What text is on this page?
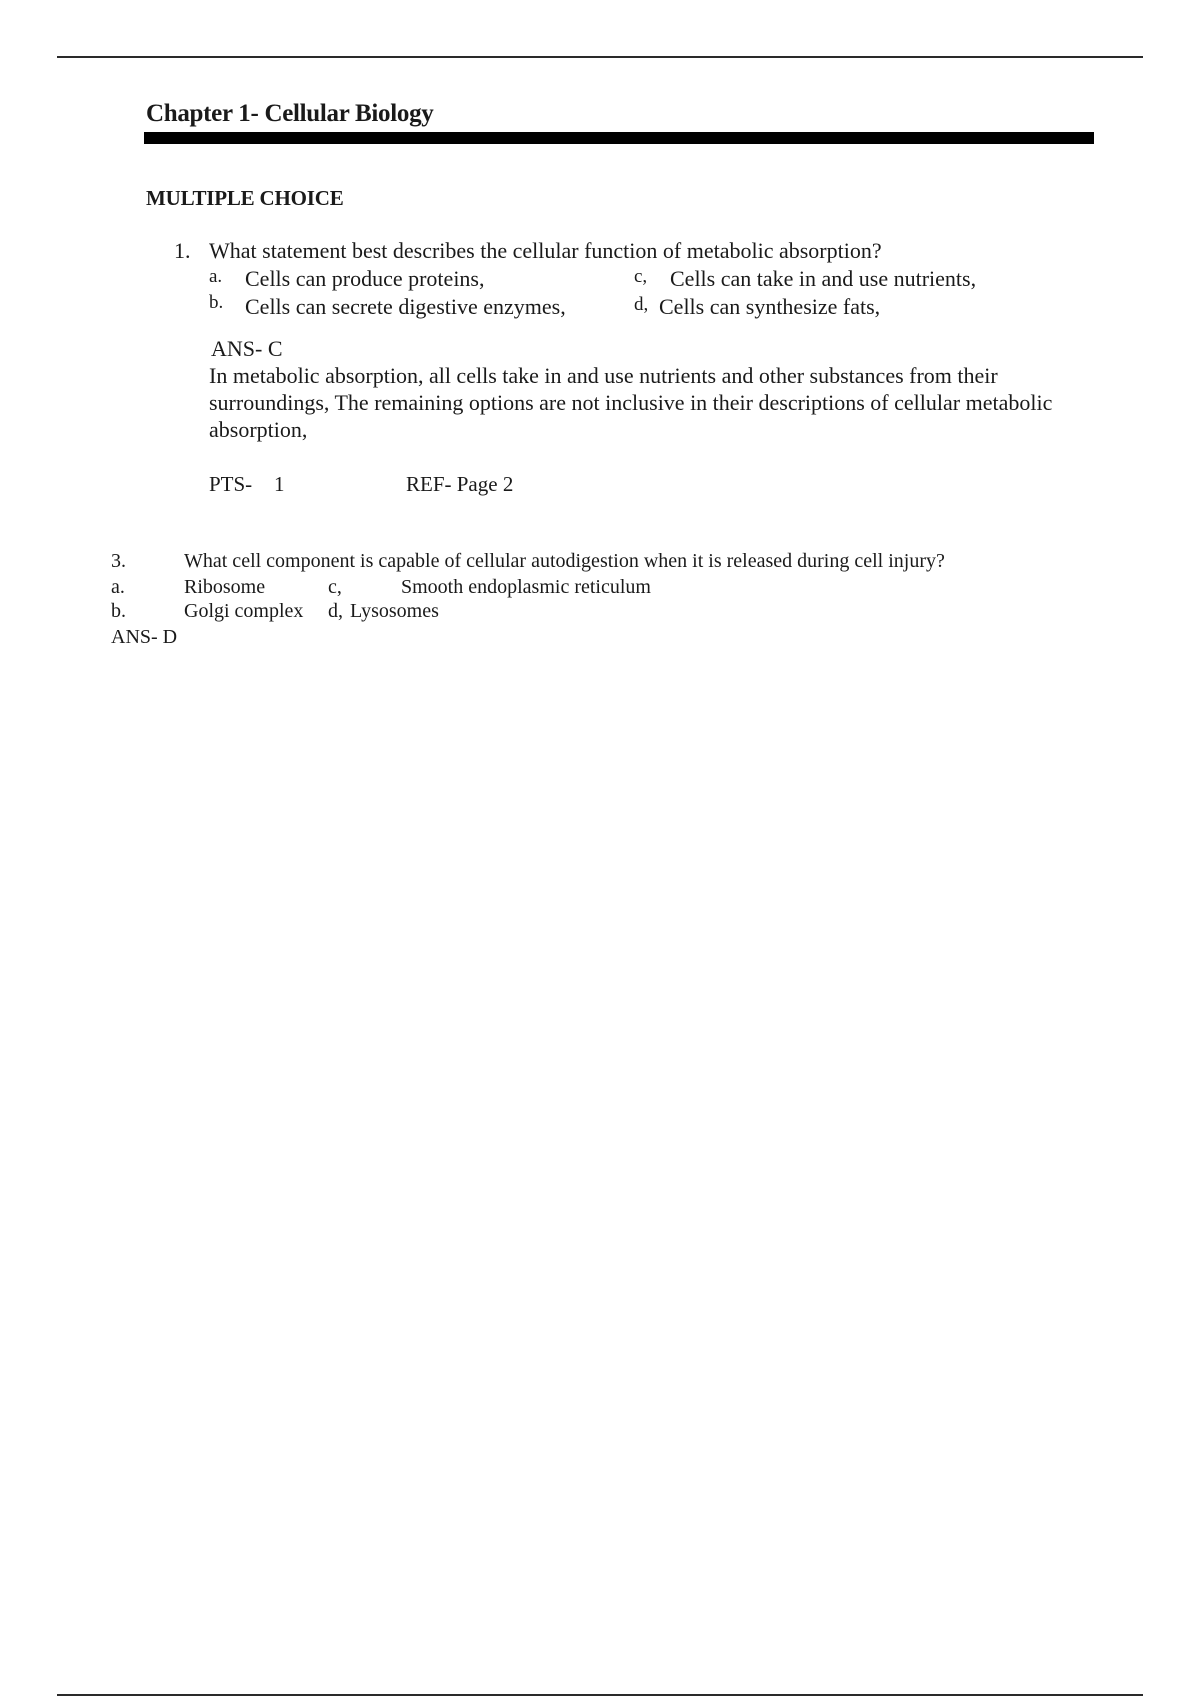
Chapter 1- Cellular Biology
MULTIPLE CHOICE
1. What statement best describes the cellular function of metabolic absorption?
a. Cells can produce proteins,
b. Cells can secrete digestive enzymes,
c, Cells can take in and use nutrients,
d, Cells can synthesize fats,
ANS- C
In metabolic absorption, all cells take in and use nutrients and other substances from their surroundings, The remaining options are not inclusive in their descriptions of cellular metabolic absorption,
PTS- 1	REF- Page 2
3.	What cell component is capable of cellular autodigestion when it is released during cell injury?
a.	Ribosome	c,	Smooth endoplasmic reticulum
b.	Golgi complex d, Lysosomes
ANS- D
